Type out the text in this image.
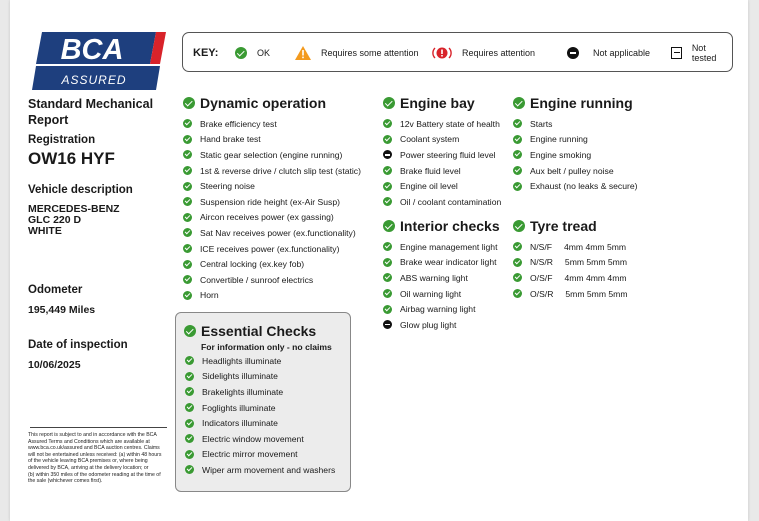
BCA
ASSURED
Standard Mechanical Report
Registration
OW16 HYF
Vehicle description
MERCEDES-BENZ
GLC 220 D
WHITE
Odometer
195,449 Miles
Date of inspection
10/06/2025
This report is subject to and in accordance with the BCA
Assured Terms and Conditions which are available at
www.bca.co.uk/assured and BCA auction centres. Claims
will not be entertained unless received: (a) within 48 hours
of the vehicle leaving BCA premises or, where being
delivered by BCA, arriving at the delivery location; or
(b) within 350 miles of the odometer reading at the time of
the sale (whichever comes first).
KEY:	OK	Requires some attention	Requires attention	Not applicable	Not tested
Dynamic operation
Brake efficiency test
Hand brake test
Static gear selection (engine running)
1st & reverse drive / clutch slip test (static)
Steering noise
Suspension ride height (ex-Air Susp)
Aircon receives power (ex gassing)
Sat Nav receives power (ex.functionality)
ICE receives power (ex.functionality)
Central locking (ex.key fob)
Convertible / sunroof electrics
Horn
Engine bay
12v Battery state of health
Coolant system
Power steering fluid level
Brake fluid level
Engine oil level
Oil / coolant contamination
Engine running
Starts
Engine running
Engine smoking
Aux belt / pulley noise
Exhaust (no leaks & secure)
Interior checks
Engine management light
Brake wear indicator light
ABS warning light
Oil warning light
Airbag warning light
Glow plug light
Tyre tread
N/S/F 4mm 4mm 5mm
N/S/R 5mm 5mm 5mm
O/S/F 4mm 4mm 4mm
O/S/R 5mm 5mm 5mm
Essential Checks
For information only - no claims
Headlights illuminate
Sidelights illuminate
Brakelights illuminate
Foglights illuminate
Indicators illuminate
Electric window movement
Electric mirror movement
Wiper arm movement and washers
